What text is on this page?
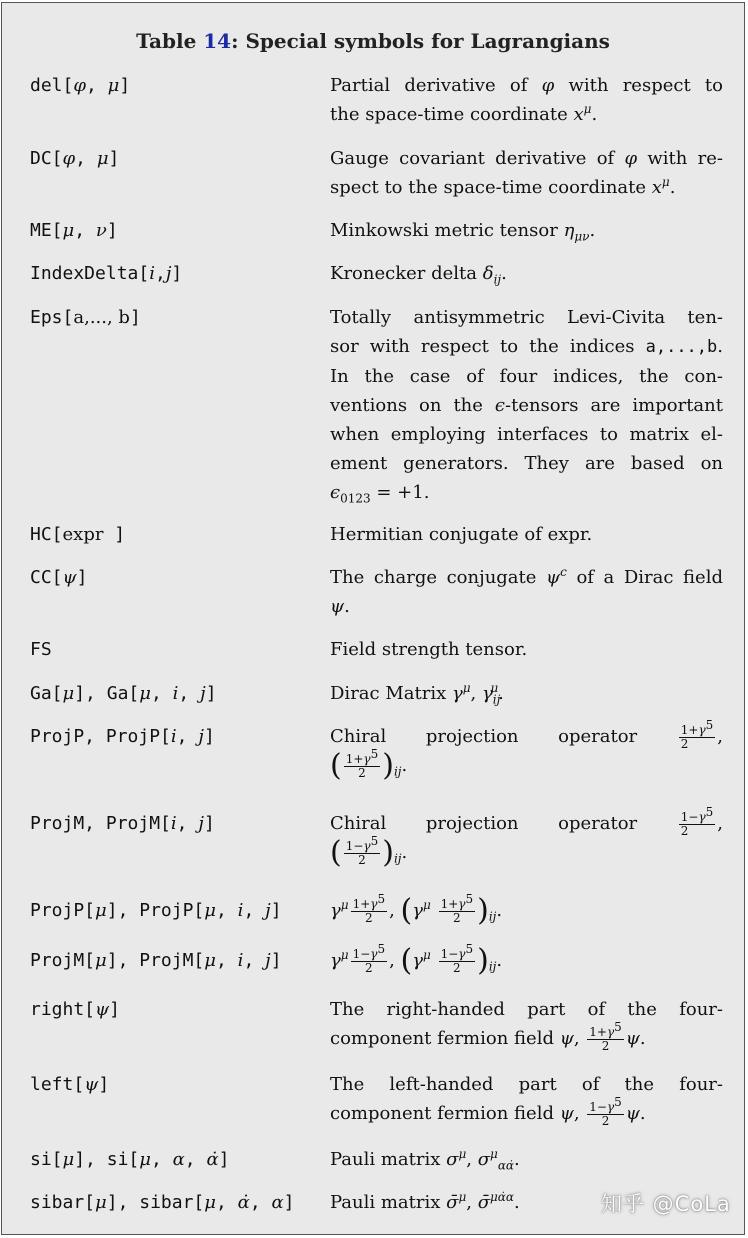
Table 14: Special symbols for Lagrangians
del[φ, μ]	Partial derivative of φ with respect to
the space-time coordinate $x^\mu$.
DC[φ, μ]	Gauge covariant derivative of φ with re-
spect to the space-time coordinate $x^\mu$.
ME[μ, ν]	Minkowski metric tensor $\eta_{\mu\nu}$.
IndexDelta[i,j]	Kronecker delta $\delta_{ij}$.
Eps[a,..., b]	Totally antisymmetric Levi-Civita ten-
sor with respect to the indices a,...,b.
In the case of four indices, the con-
ventions on the ϵ-tensors are important
when employing interfaces to matrix el-
ement generators. They are based on
$\epsilon_{0123} = +1$.
HC[expr ]	Hermitian conjugate of expr.
CC[ψ]	The charge conjugate $\psi^c$ of a Dirac field
ψ.
FS	Field strength tensor.
Ga[μ], Ga[μ, i, j]	Dirac Matrix $\gamma^\mu$, $\gamma_{ij}^\mu$.
ProjP, ProjP[i, j]	Chiral projection operator $\frac{1+\gamma^5}{2}$ ,
( $\frac{1+\gamma^5}{2} )_{ij}$.
ProjM, ProjM[i, j]	Chiral projection operator $\frac{1-\gamma^5}{2}$ ,
( $\frac{1-\gamma^5}{2} )_{ij}$.
ProjP[μ], ProjP[μ, i, j]	$\gamma^\mu \frac{1+\gamma^5}{2}$ , $(\gamma^\mu \frac{1+\gamma^5}{2} )_{ij}$.
ProjM[μ], ProjM[μ, i, j]	$\gamma^\mu \frac{1-\gamma^5}{2}$ , $(\gamma^\mu \frac{1-\gamma^5}{2} )_{ij}$.
right[ψ]	The right-handed part of the four-
component fermion field ψ, $\frac{1+\gamma^5}{2} \psi$.
left[ψ]	The left-handed part of the four-
component fermion field ψ, $\frac{1-\gamma^5}{2} \psi$.
si[μ], si[μ, α, α̇]	Pauli matrix $\sigma^\mu$, $\sigma^\mu_{\alpha\alphȧ}$.
sibar[μ], sibar[μ, α̇, α] Pauli matrix σ̄$^\mu$, σ̄$^{\mu\alphȧ\alpha}$.	知乎 @CoLa
